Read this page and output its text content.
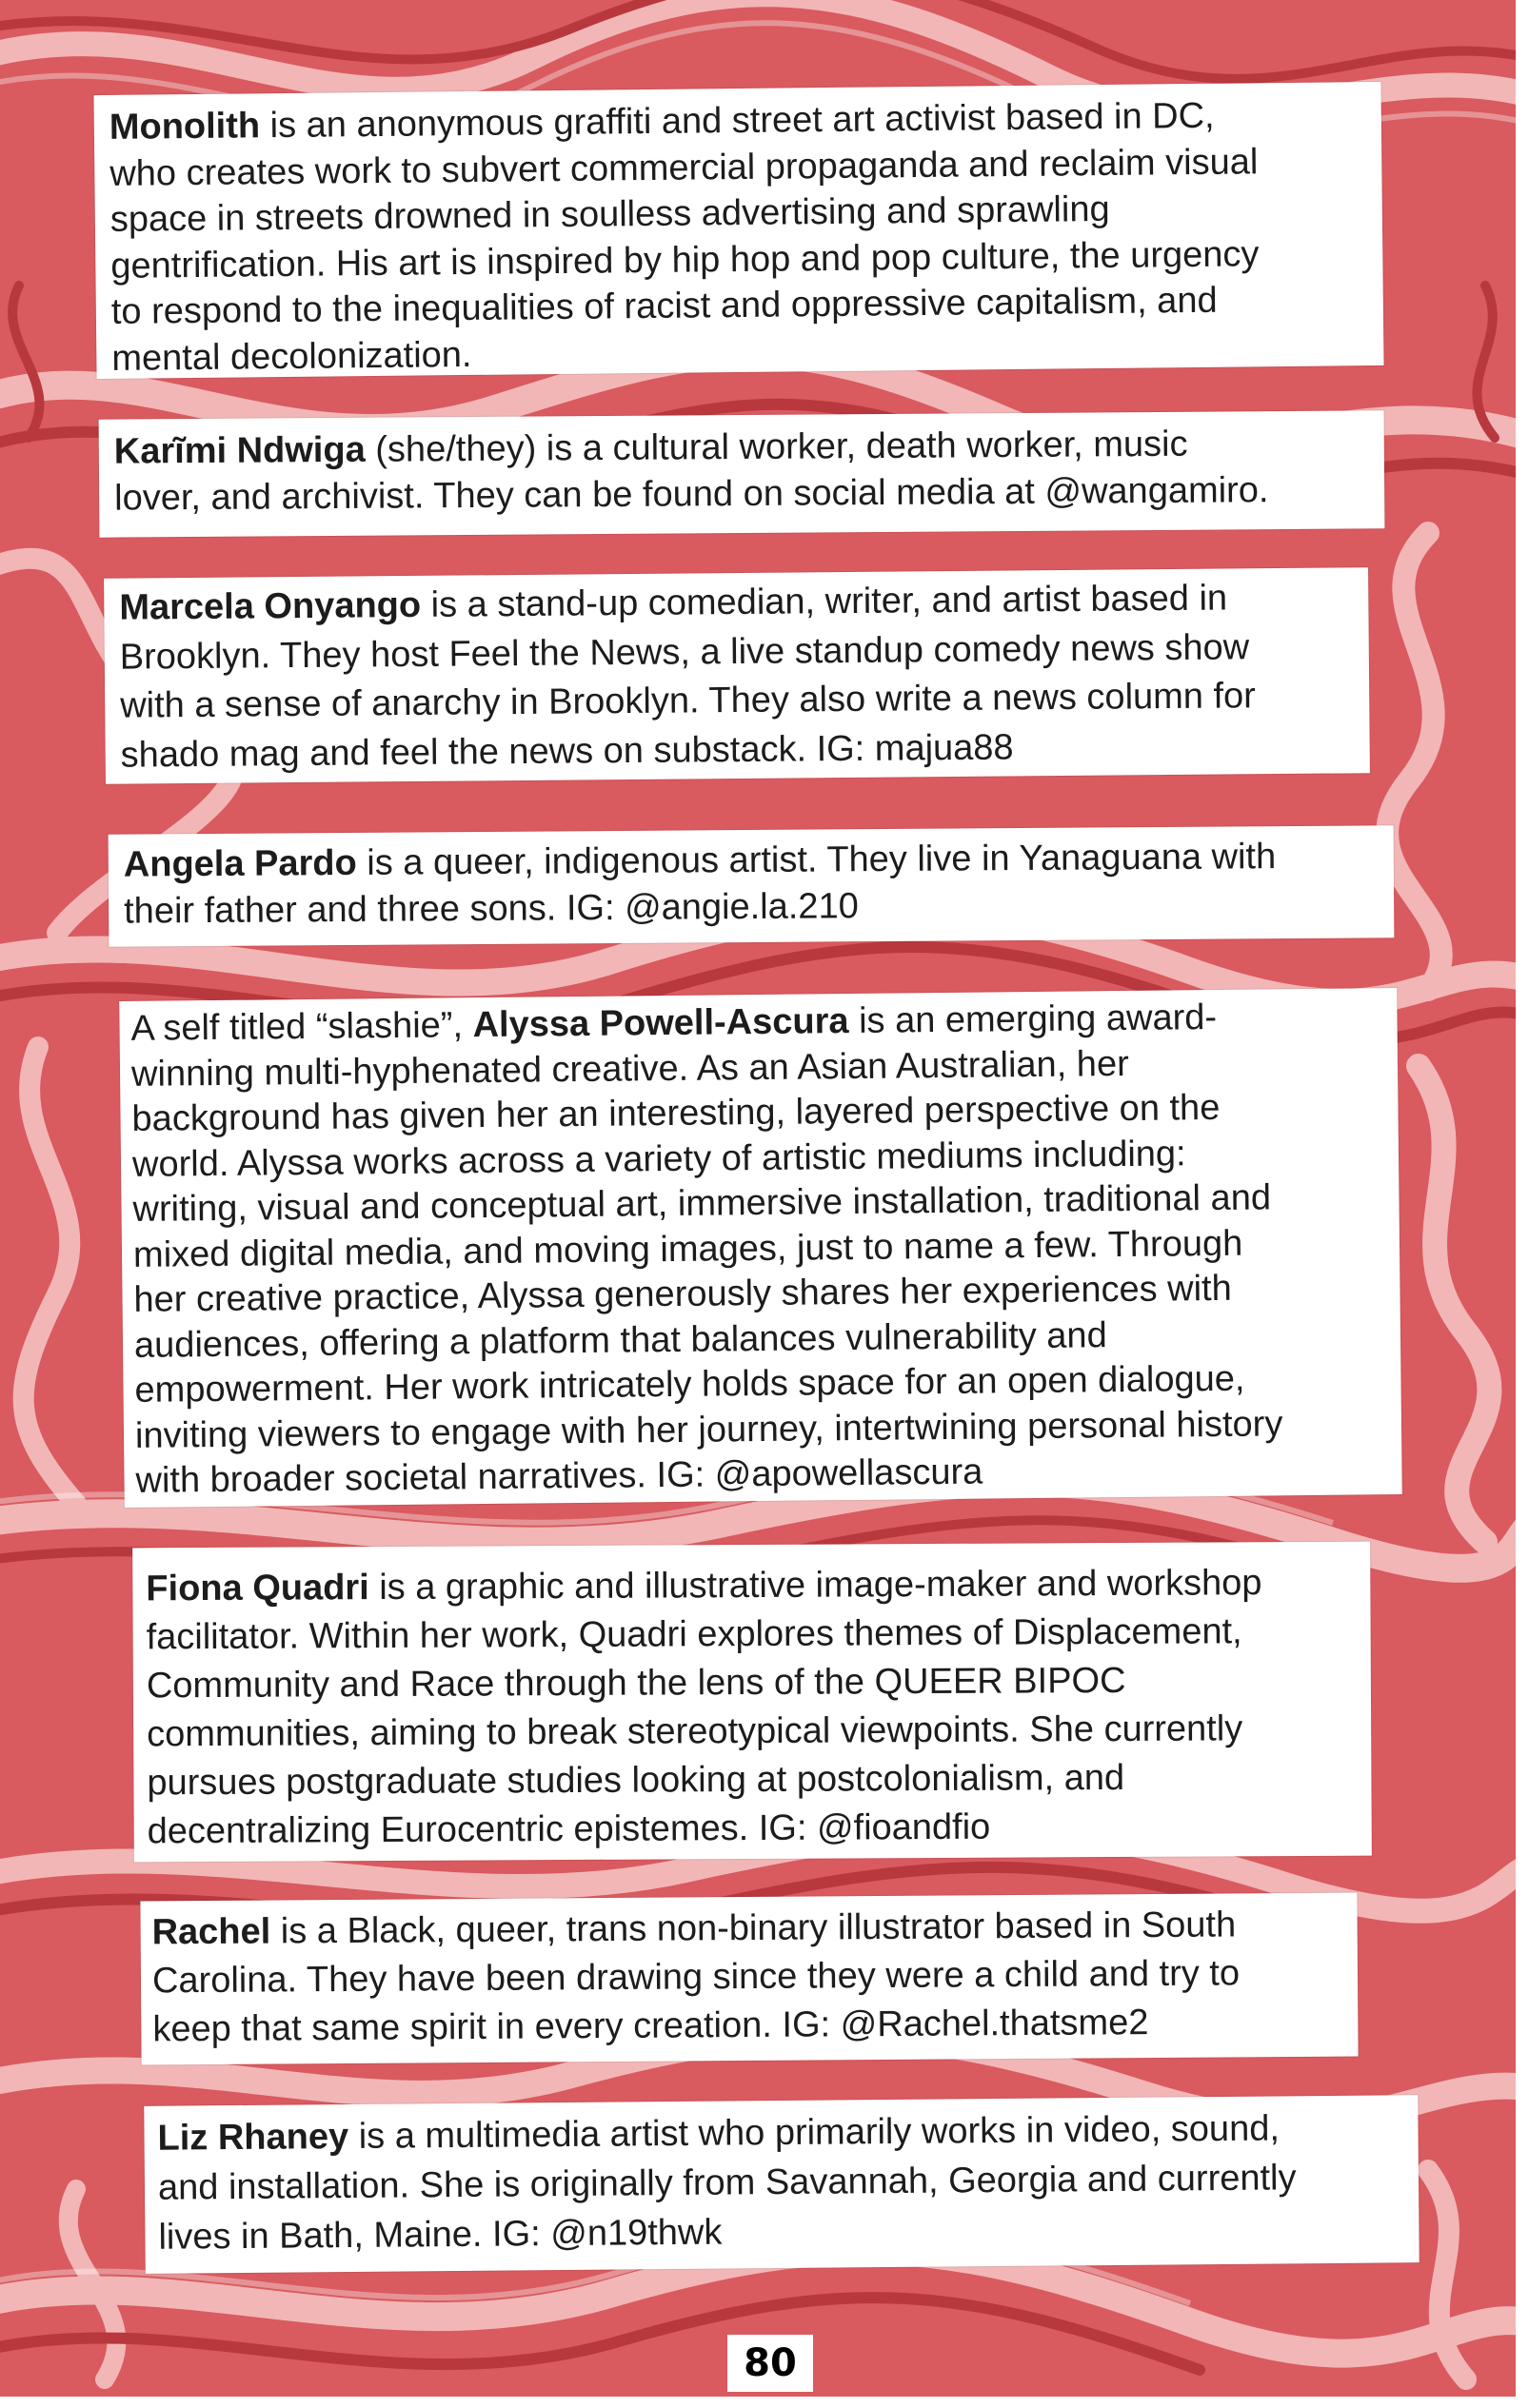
Monolith is an anonymous graffiti and street art activist based in DC,
who creates work to subvert commercial propaganda and reclaim visual
space in streets drowned in soulless advertising and sprawling
gentrification. His art is inspired by hip hop and pop culture, the urgency
to respond to the inequalities of racist and oppressive capitalism, and
mental decolonization.
Karĩmi Ndwiga (she/they) is a cultural worker, death worker, music
lover, and archivist. They can be found on social media at @wangamiro.
Marcela Onyango is a stand-up comedian, writer, and artist based in
Brooklyn. They host Feel the News, a live standup comedy news show
with a sense of anarchy in Brooklyn. They also write a news column for
shado mag and feel the news on substack. IG: majua88
Angela Pardo is a queer, indigenous artist. They live in Yanaguana with
their father and three sons. IG: @angie.la.210
A self titled “slashie”, Alyssa Powell-Ascura is an emerging award-
winning multi-hyphenated creative. As an Asian Australian, her
background has given her an interesting, layered perspective on the
world. Alyssa works across a variety of artistic mediums including:
writing, visual and conceptual art, immersive installation, traditional and
mixed digital media, and moving images, just to name a few. Through
her creative practice, Alyssa generously shares her experiences with
audiences, offering a platform that balances vulnerability and
empowerment. Her work intricately holds space for an open dialogue,
inviting viewers to engage with her journey, intertwining personal history
with broader societal narratives. IG: @apowellascura
Fiona Quadri is a graphic and illustrative image-maker and workshop
facilitator. Within her work, Quadri explores themes of Displacement,
Community and Race through the lens of the QUEER BIPOC
communities, aiming to break stereotypical viewpoints. She currently
pursues postgraduate studies looking at postcolonialism, and
decentralizing Eurocentric epistemes. IG: @fioandfio
Rachel is a Black, queer, trans non-binary illustrator based in South
Carolina. They have been drawing since they were a child and try to
keep that same spirit in every creation. IG: @Rachel.thatsme2
Liz Rhaney is a multimedia artist who primarily works in video, sound,
and installation. She is originally from Savannah, Georgia and currently
lives in Bath, Maine. IG: @n19thwk
80
